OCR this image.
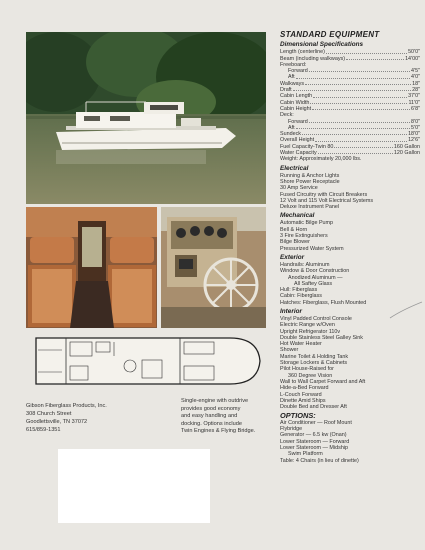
Gibson Fiberglass Products, Inc.
308 Church Street
Goodlettsville, TN 37072
615/859-1351
Single-engine with outdrive
provides good economy
and easy handling and
docking. Options include
Twin Engines & Flying Bridge.
STANDARD EQUIPMENT
Dimensional Specifications
Length (centerline)	50'0"
Beam (including walkways)	14'00"
Freeboard:
Forward	4'5"
Aft	4'0"
Walkways	18"
Draft	28"
Cabin Length	37'0"
Cabin Width	11'0"
Cabin Height	6'8"
Deck:
Forward	8'0"
Aft	5'0"
Sundeck	18'0"
Overall Height	12'6"
Fuel Capacity-Twin 80	160 Gallon
Water Capacity	120 Gallon
Weight: Approximately 20,000 lbs.
Electrical
Running & Anchor Lights
Shore Power Receptacle
30 Amp Service
Fused Circuitry with Circuit Breakers
12 Volt and 115 Volt Electrical Systems
Deluxe Instrument Panel
Mechanical
Automatic Bilge Pump
Bell & Horn
3 Fire Extinguishers
Bilge Blower
Pressurized Water System
Exterior
Handrails: Aluminum
Window & Door Construction
Anodized Aluminum —
All Saftey Glass
Hull: Fiberglass
Cabin: Fiberglass
Hatches: Fiberglass, Flush Mounted
Interior
Vinyl Padded Control Console
Electric Range w/Oven
Upright Refrigerator 110v
Double Stainless Steel Galley Sink
Hot Water Heater
Shower
Marine Toilet & Holding Tank
Storage Lockers & Cabinets
Pilot House-Raised for
360 Degree Vision
Wall to Wall Carpet Forward and Aft
Hide-a-Bed Forward
L-Couch Forward
Dinette Amid Ships
Double Bed and Dresser Aft
OPTIONS:
Air Conditioner — Roof Mount
Flybridge
Generator — 6.5 kw (Onan)
Lower Stateroom — Forward
Lower Stateroom — Midship
Swim Platform
Table: 4 Chairs (in lieu of dinette)
